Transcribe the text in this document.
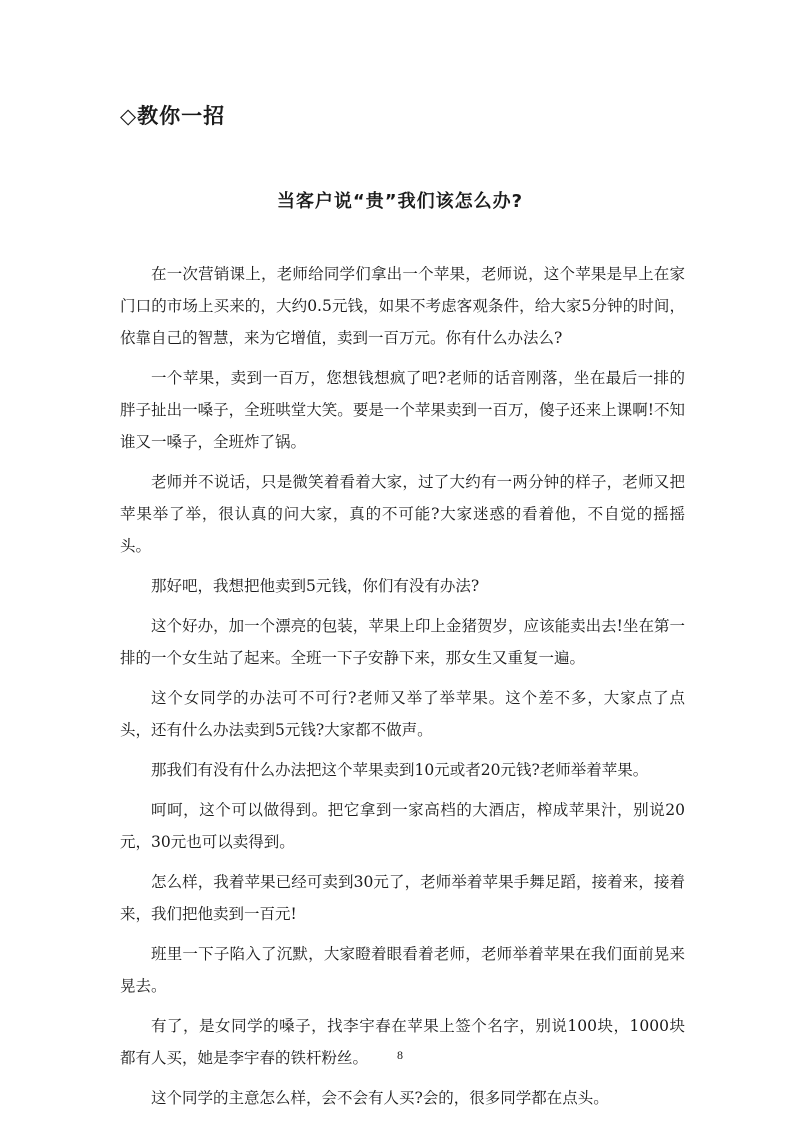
◇教你一招
当客户说“贵”我们该怎么办?

在一次营销课上，老师给同学们拿出一个苹果，老师说，这个苹果是早上在家门口的市场上买来的，大约0.5元钱，如果不考虑客观条件，给大家5分钟的时间，依靠自己的智慧，来为它增值，卖到一百万元。你有什么办法么?

一个苹果，卖到一百万，您想钱想疯了吧?老师的话音刚落，坐在最后一排的胖子扯出一嗓子，全班哄堂大笑。要是一个苹果卖到一百万，傻子还来上课啊!不知谁又一嗓子，全班炸了锅。

老师并不说话，只是微笑着看着大家，过了大约有一两分钟的样子，老师又把苹果举了举，很认真的问大家，真的不可能?大家迷惑的看着他，不自觉的摇摇头。

那好吧，我想把他卖到5元钱，你们有没有办法?

这个好办，加一个漂亮的包装，苹果上印上金猪贺岁，应该能卖出去!坐在第一排的一个女生站了起来。全班一下子安静下来，那女生又重复一遍。

这个女同学的办法可不可行?老师又举了举苹果。这个差不多，大家点了点头，还有什么办法卖到5元钱?大家都不做声。

那我们有没有什么办法把这个苹果卖到10元或者20元钱?老师举着苹果。

呵呵，这个可以做得到。把它拿到一家高档的大酒店，榨成苹果汁，别说20元，30元也可以卖得到。

怎么样，我着苹果已经可卖到30元了，老师举着苹果手舞足蹈，接着来，接着来，我们把他卖到一百元!

班里一下子陷入了沉默，大家瞪着眼看着老师，老师举着苹果在我们面前晃来晃去。

有了，是女同学的嗓子，找李宇春在苹果上签个名字，别说100块，1000块都有人买，她是李宇春的铁杆粉丝。

这个同学的主意怎么样，会不会有人买?会的，很多同学都在点头。

8
